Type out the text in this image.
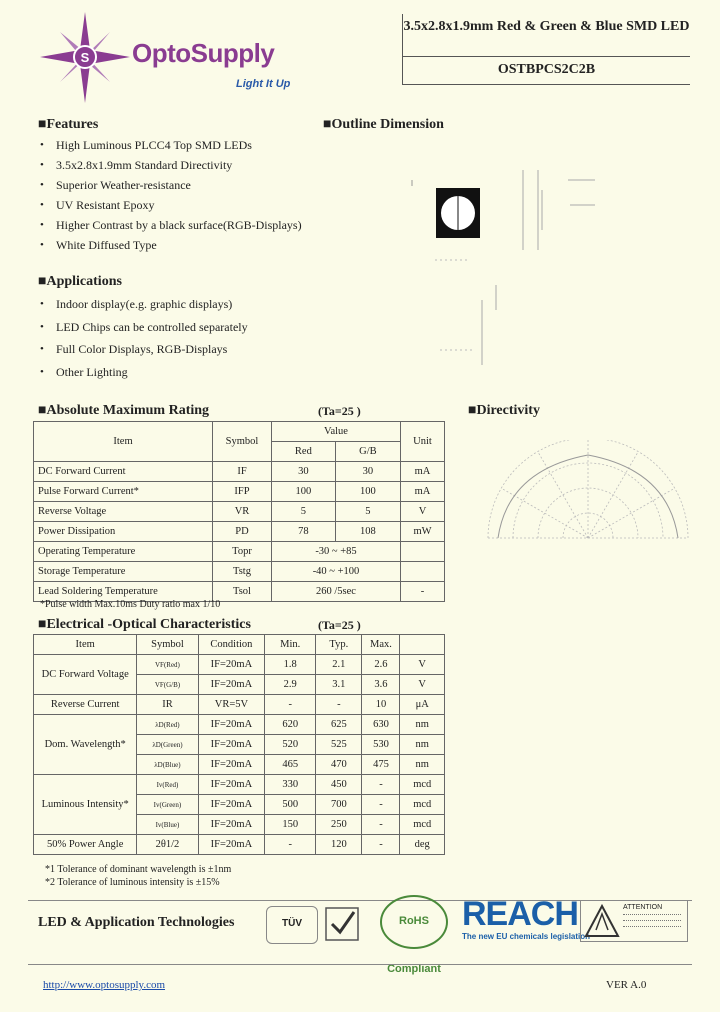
S OptoSupply
Light It Up
3.5x2.8x1.9mm Red & Green & Blue SMD LED
OSTBPCS2C2B
■Features
• High Luminous PLCC4 Top SMD LEDs
• 3.5x2.8x1.9mm Standard Directivity
• Superior Weather-resistance
• UV Resistant Epoxy
• Higher Contrast by a black surface(RGB-Displays)
• White Diffused Type
■Outline Dimension
■Applications
• Indoor display(e.g. graphic displays)
• LED Chips can be controlled separately
• Full Color Displays, RGB-Displays
• Other Lighting
■Absolute Maximum Rating	(Ta=25 )
Item	Symbol	Value		Unit
		Red	G/B	
DC Forward Current	IF	30	30	mA
Pulse Forward Current*	IFP	100	100	mA
Reverse Voltage	VR	5	5	V
Power Dissipation	PD	78	108	mW
Operating Temperature	Topr	-30 ~ +85		
Storage Temperature	Tstg	-40 ~ +100		
Lead Soldering Temperature	Tsol	260 /5sec		-
*Pulse width Max.10ms Duty ratio max 1/10
■Directivity
■Electrical -Optical Characteristics	(Ta=25 )
Item	Symbol	Condition	Min.	Typ.	Max.	
DC Forward Voltage	VF(Red)	IF=20mA	1.8	2.1	2.6	V
	VF(G/B)	IF=20mA	2.9	3.1	3.6	V
Reverse Current	IR	VR=5V	-	-	10	μA
Dom. Wavelength*	λD(Red)	IF=20mA	620	625	630	nm
	λD(Green)	IF=20mA	520	525	530	nm
	λD(Blue)	IF=20mA	465	470	475	nm
Luminous Intensity*	Iv(Red)	IF=20mA	330	450	-	mcd
	Iv(Green)	IF=20mA	500	700	-	mcd
	Iv(Blue)	IF=20mA	150	250	-	mcd
50% Power Angle	2θ1/2	IF=20mA	-	120	-	deg
*1 Tolerance of dominant wavelength is ±1nm
*2 Tolerance of luminous intensity is ±15%
LED & Application Technologies	TÜV	RoHS Compliant
REACH
The new EU chemicals legislation
ATTENTION
http://www.optosupply.com	VER A.0
